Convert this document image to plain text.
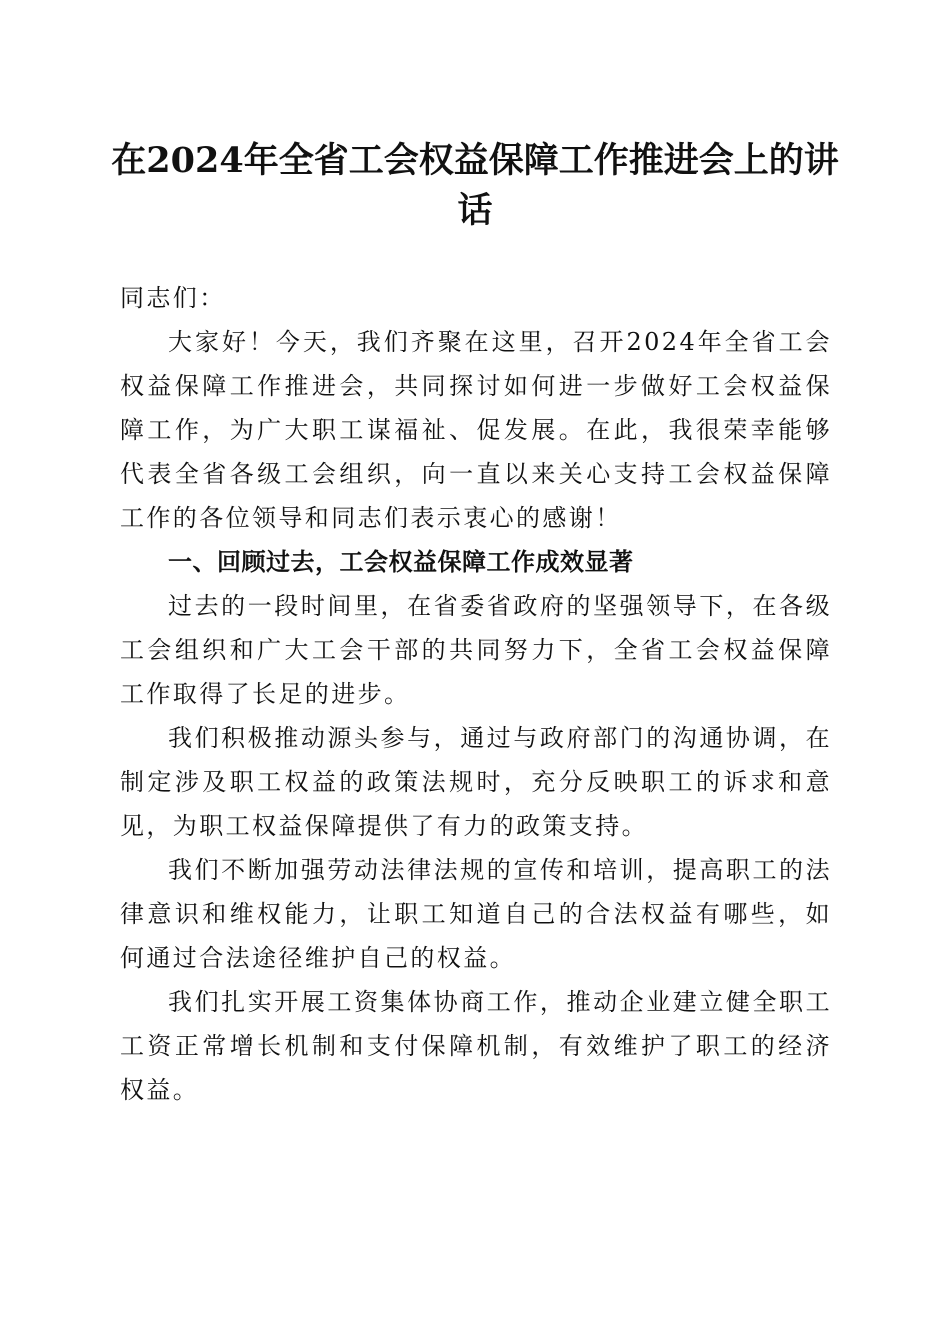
在2024年全省工会权益保障工作推进会上的讲话

同志们：

大家好！今天，我们齐聚在这里，召开2024年全省工会权益保障工作推进会，共同探讨如何进一步做好工会权益保障工作，为广大职工谋福祉、促发展。在此，我很荣幸能够代表全省各级工会组织，向一直以来关心支持工会权益保障工作的各位领导和同志们表示衷心的感谢！

一、回顾过去，工会权益保障工作成效显著

过去的一段时间里，在省委省政府的坚强领导下，在各级工会组织和广大工会干部的共同努力下，全省工会权益保障工作取得了长足的进步。

我们积极推动源头参与，通过与政府部门的沟通协调，在制定涉及职工权益的政策法规时，充分反映职工的诉求和意见，为职工权益保障提供了有力的政策支持。

我们不断加强劳动法律法规的宣传和培训，提高职工的法律意识和维权能力，让职工知道自己的合法权益有哪些，如何通过合法途径维护自己的权益。

我们扎实开展工资集体协商工作，推动企业建立健全职工工资正常增长机制和支付保障机制，有效维护了职工的经济权益。
